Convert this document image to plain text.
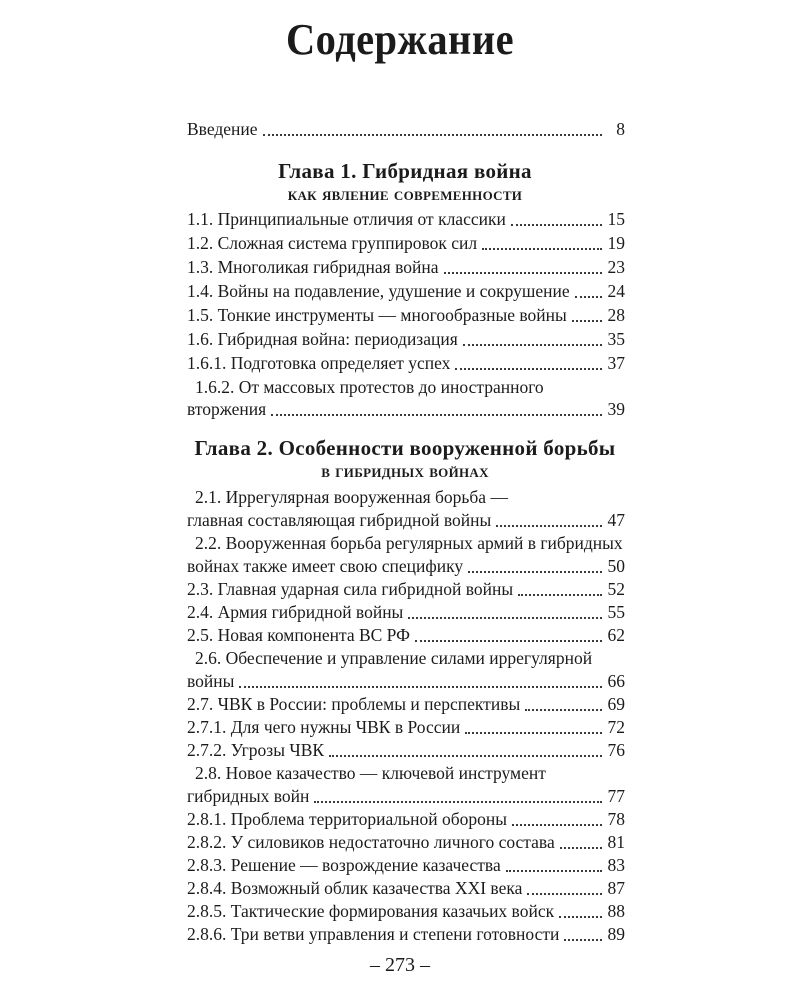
Содержание
Введение	8
Глава 1. Гибридная война
как явление современности
1.1. Принципиальные отличия от классики	15
1.2. Сложная система группировок сил	19
1.3. Многоликая гибридная война	23
1.4. Войны на подавление, удушение и сокрушение 24
1.5. Тонкие инструменты — многообразные войны 28
1.6. Гибридная война: периодизация	35
1.6.1. Подготовка определяет успех	37
1.6.2. От массовых протестов до иностранного
вторжения	39
Глава 2. Особенности вооруженной борьбы
в гибридных войнах
2.1. Иррегулярная вооруженная борьба —
главная составляющая гибридной войны	47
2.2. Вооруженная борьба регулярных армий в гибридных
войнах также имеет свою специфику	50
2.3. Главная ударная сила гибридной войны	52
2.4. Армия гибридной войны	55
2.5. Новая компонента ВС РФ	62
2.6. Обеспечение и управление силами иррегулярной
войны	66
2.7. ЧВК в России: проблемы и перспективы	69
2.7.1. Для чего нужны ЧВК в России	72
2.7.2. Угрозы ЧВК	76
2.8. Новое казачество — ключевой инструмент
гибридных войн	77
2.8.1. Проблема территориальной обороны	78
2.8.2. У силовиков недостаточно личного состава	81
2.8.3. Решение — возрождение казачества	83
2.8.4. Возможный облик казачества XXI века	87
2.8.5. Тактические формирования казачьих войск	88
2.8.6. Три ветви управления и степени готовности	89
– 273 –
